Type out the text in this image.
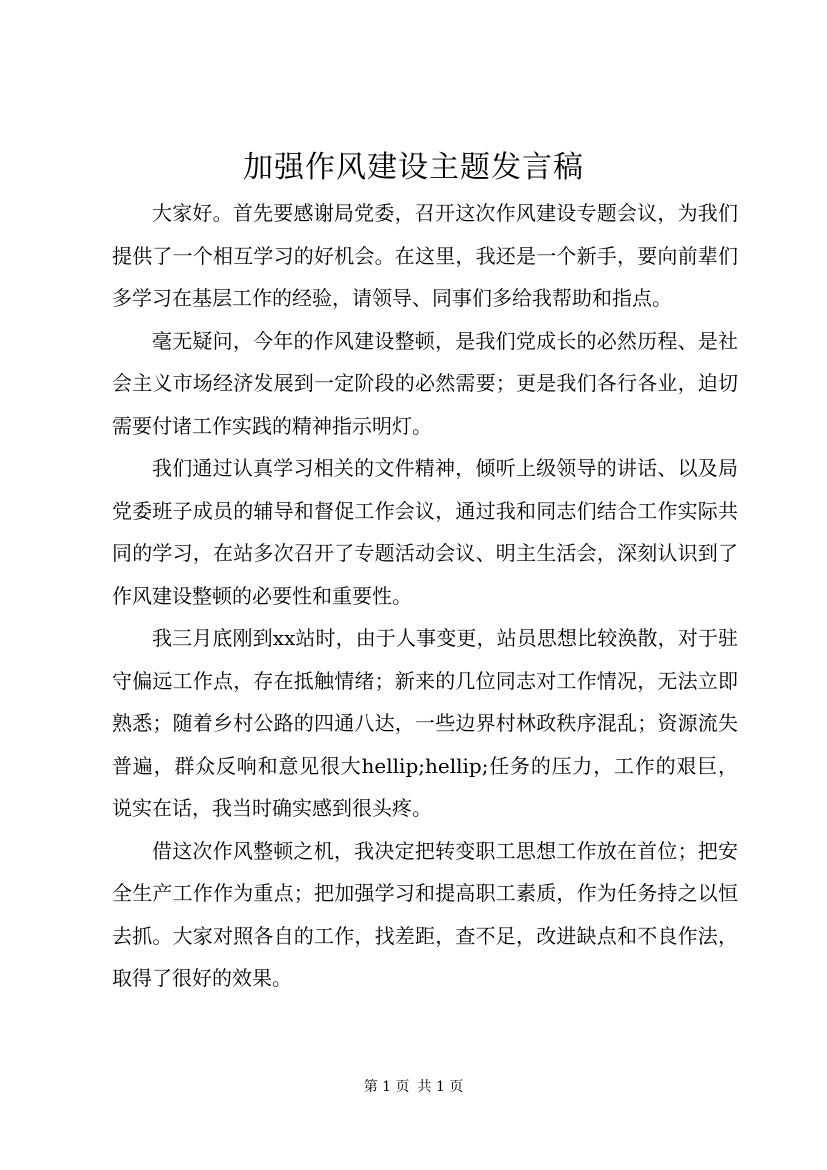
加强作风建设主题发言稿

大家好。首先要感谢局党委，召开这次作风建设专题会议，为我们提供了一个相互学习的好机会。在这里，我还是一个新手，要向前辈们多学习在基层工作的经验，请领导、同事们多给我帮助和指点。

毫无疑问，今年的作风建设整顿，是我们党成长的必然历程、是社会主义市场经济发展到一定阶段的必然需要；更是我们各行各业，迫切需要付诸工作实践的精神指示明灯。

我们通过认真学习相关的文件精神，倾听上级领导的讲话、以及局党委班子成员的辅导和督促工作会议，通过我和同志们结合工作实际共同的学习，在站多次召开了专题活动会议、明主生活会，深刻认识到了作风建设整顿的必要性和重要性。

我三月底刚到xx站时，由于人事变更，站员思想比较涣散，对于驻守偏远工作点，存在抵触情绪；新来的几位同志对工作情况，无法立即熟悉；随着乡村公路的四通八达，一些边界村林政秩序混乱；资源流失普遍，群众反响和意见很大hellip;hellip;任务的压力，工作的艰巨，说实在话，我当时确实感到很头疼。

借这次作风整顿之机，我决定把转变职工思想工作放在首位；把安全生产工作作为重点；把加强学习和提高职工素质，作为任务持之以恒去抓。大家对照各自的工作，找差距，查不足，改进缺点和不良作法，取得了很好的效果。

第 1 页 共 1 页
